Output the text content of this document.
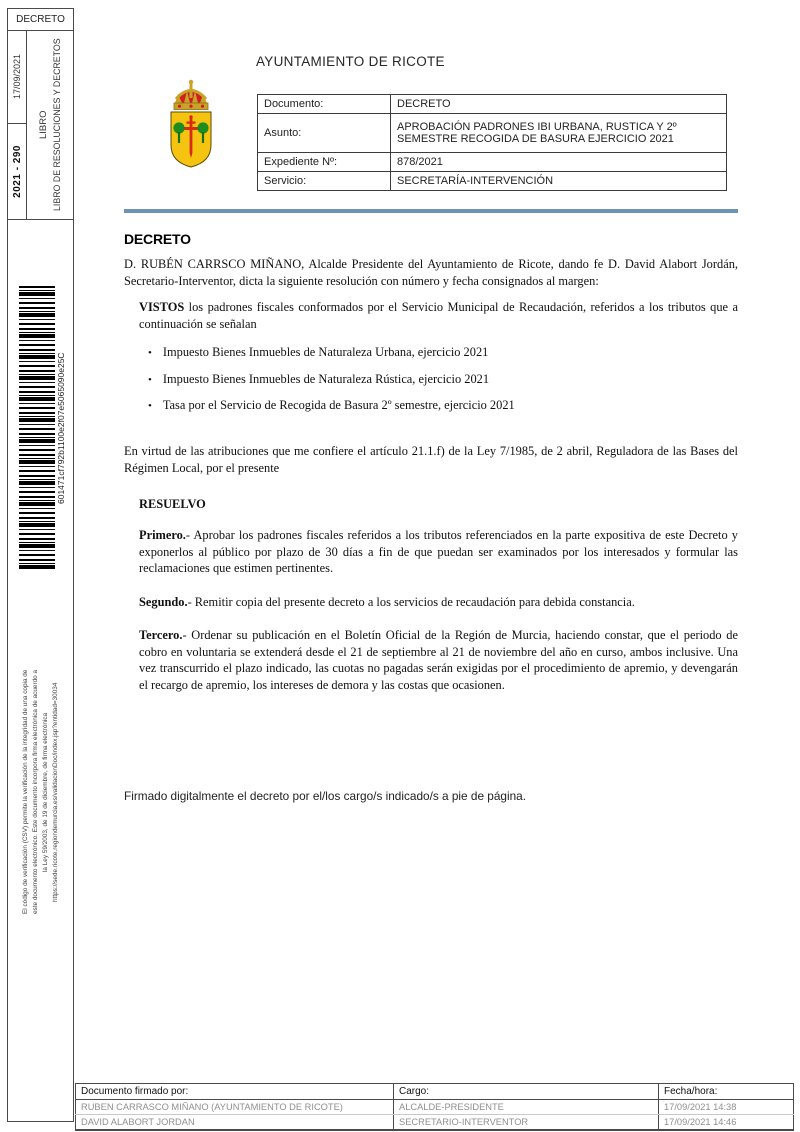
DECRETO
17/09/2021
2021 - 290
LIBRO LIBRO DE RESOLUCIONES Y DECRETOS
601471cf792b1100e2f07e5065090e25C
El código de verificación (CSV) permite la verificación de la integridad de una copia de este documento electrónico. Este documento incorpora firma electrónica de acuerdo a la Ley 59/2003, de 19 de diciembre, de firma electrónica https://sede.ricote.regiondemurcia.es/validacionDoc/index.jsp?entidad=30034
AYUNTAMIENTO DE RICOTE
Documento:	DECRETO
Asunto:	APROBACIÓN PADRONES IBI URBANA, RUSTICA Y 2º SEMESTRE RECOGIDA DE BASURA EJERCICIO 2021
Expediente Nº:	878/2021
Servicio:	SECRETARÍA-INTERVENCIÓN
DECRETO

D. RUBÉN CARRSCO MIÑANO, Alcalde Presidente del Ayuntamiento de Ricote, dando fe D. David Alabort Jordán, Secretario-Interventor, dicta la siguiente resolución con número y fecha consignados al margen:

VISTOS los padrones fiscales conformados por el Servicio Municipal de Recaudación, referidos a los tributos que a continuación se señalan

• Impuesto Bienes Inmuebles de Naturaleza Urbana, ejercicio 2021
• Impuesto Bienes Inmuebles de Naturaleza Rústica, ejercicio 2021
• Tasa por el Servicio de Recogida de Basura 2º semestre, ejercicio 2021

En virtud de las atribuciones que me confiere el artículo 21.1.f) de la Ley 7/1985, de 2 abril, Reguladora de las Bases del Régimen Local, por el presente

RESUELVO

Primero.- Aprobar los padrones fiscales referidos a los tributos referenciados en la parte expositiva de este Decreto y exponerlos al público por plazo de 30 días a fin de que puedan ser examinados por los interesados y formular las reclamaciones que estimen pertinentes.

Segundo.- Remitir copia del presente decreto a los servicios de recaudación para debida constancia.

Tercero.- Ordenar su publicación en el Boletín Oficial de la Región de Murcia, haciendo constar, que el periodo de cobro en voluntaria se extenderá desde el 21 de septiembre al 21 de noviembre del año en curso, ambos inclusive. Una vez transcurrido el plazo indicado, las cuotas no pagadas serán exigidas por el procedimiento de apremio, y devengarán el recargo de apremio, los intereses de demora y las costas que ocasionen.

Firmado digitalmente el decreto por el/los cargo/s indicado/s a pie de página.

Documento firmado por:	Cargo:	Fecha/hora:
RUBEN CARRASCO MIÑANO (AYUNTAMIENTO DE RICOTE)	ALCALDE-PRESIDENTE	17/09/2021 14:38
DAVID ALABORT JORDAN	SECRETARIO-INTERVENTOR	17/09/2021 14:46
